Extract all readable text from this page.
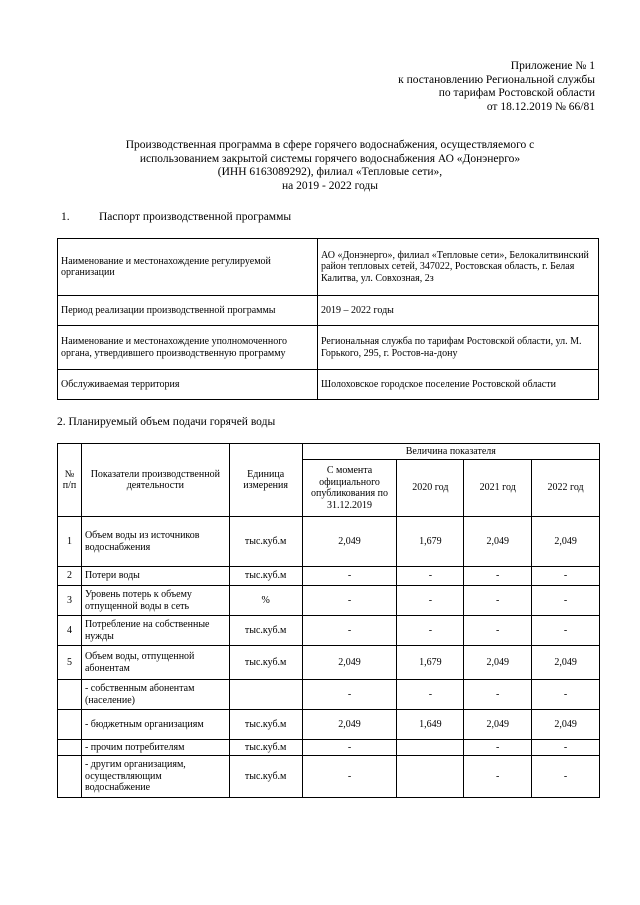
Приложение № 1
к постановлению Региональной службы
по тарифам Ростовской области
от 18.12.2019 № 66/81
Производственная программа в сфере горячего водоснабжения, осуществляемого с
использованием закрытой системы горячего водоснабжения АО «Донэнерго»
(ИНН 6163089292), филиал «Тепловые сети»,
на 2019 - 2022 годы
1.	Паспорт производственной программы
Наименование и местонахождение регулируемой организации	АО «Донэнерго», филиал «Тепловые сети», Белокалитвинский район тепловых сетей, 347022, Ростовская область, г. Белая Калитва, ул. Совхозная, 2з
Период реализации производственной программы	2019 – 2022 годы
Наименование и местонахождение уполномоченного органа, утвердившего производственную программу	Региональная служба по тарифам Ростовской области, ул. М. Горького, 295, г. Ростов-на-дону
Обслуживаемая территория	Шолоховское городское поселение Ростовской области
2. Планируемый объем подачи горячей воды
№ п/п	Показатели производственной деятельности	Единица измерения	Величина показателя			
			С момента официального опубликования по 31.12.2019	2020 год	2021 год	2022 год
1	Объем воды из источников водоснабжения	тыс.куб.м	2,049	1,679	2,049	2,049
2	Потери воды	тыс.куб.м	-	-	-	-
3	Уровень потерь к объему отпущенной воды в сеть	%	-	-	-	-
4	Потребление на собственные нужды	тыс.куб.м	-	-	-	-
5	Объем воды, отпущенной абонентам	тыс.куб.м	2,049	1,679	2,049	2,049
	- собственным абонентам (население)		-	-	-	-
	- бюджетным организациям	тыс.куб.м	2,049	1,649	2,049	2,049
	- прочим потребителям	тыс.куб.м	-		-	-
	- другим организациям, осуществляющим водоснабжение	тыс.куб.м	-		-	-
